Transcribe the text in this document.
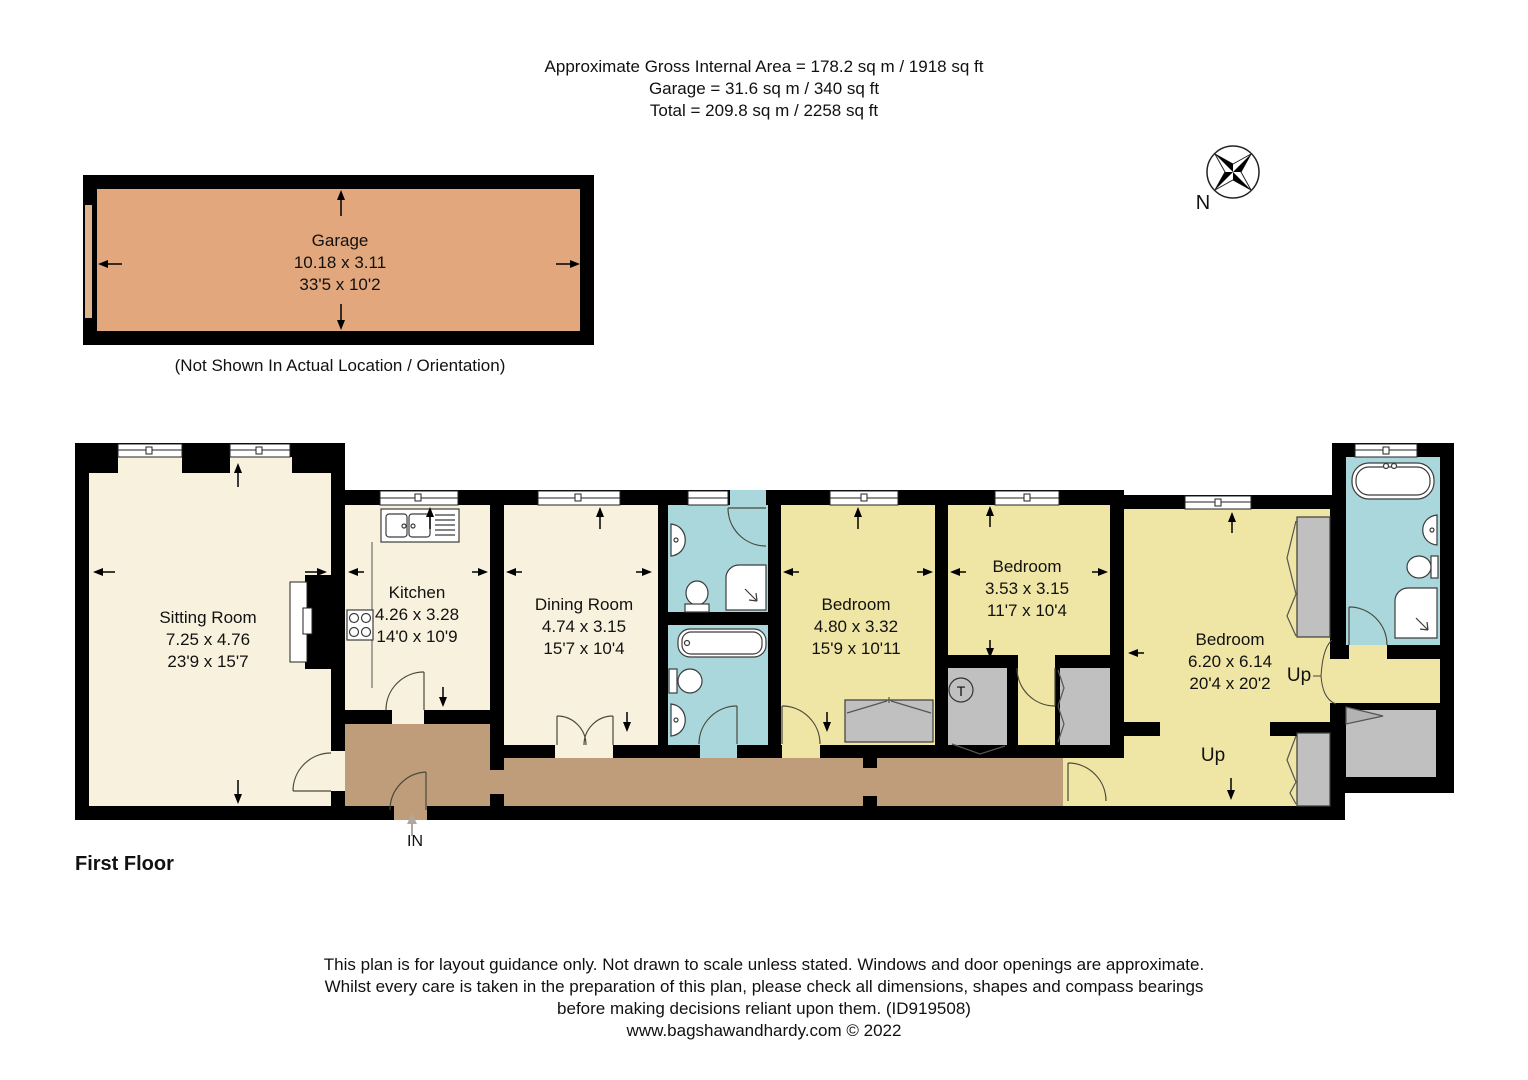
Approximate Gross Internal Area = 178.2 sq m / 1918 sq ft
Garage = 31.6 sq m / 340 sq ft
Total = 209.8 sq m / 2258 sq ft
Garage
10.18 x 3.11
33'5 x 10'2
(Not Shown In Actual Location / Orientation)
N
Sitting Room
7.25 x 4.76
23'9 x 15'7
Kitchen
4.26 x 3.28
14'0 x 10'9
Dining Room
4.74 x 3.15
15'7 x 10'4
Bedroom
4.80 x 3.32
15'9 x 10'11
Bedroom
3.53 x 3.15
11'7 x 10'4
Bedroom
6.20 x 6.14
20'4 x 20'2 Up
Up
T
IN
First Floor
This plan is for layout guidance only. Not drawn to scale unless stated. Windows and door openings are approximate.
Whilst every care is taken in the preparation of this plan, please check all dimensions, shapes and compass bearings
before making decisions reliant upon them. (ID919508)
www.bagshawandhardy.com © 2022
